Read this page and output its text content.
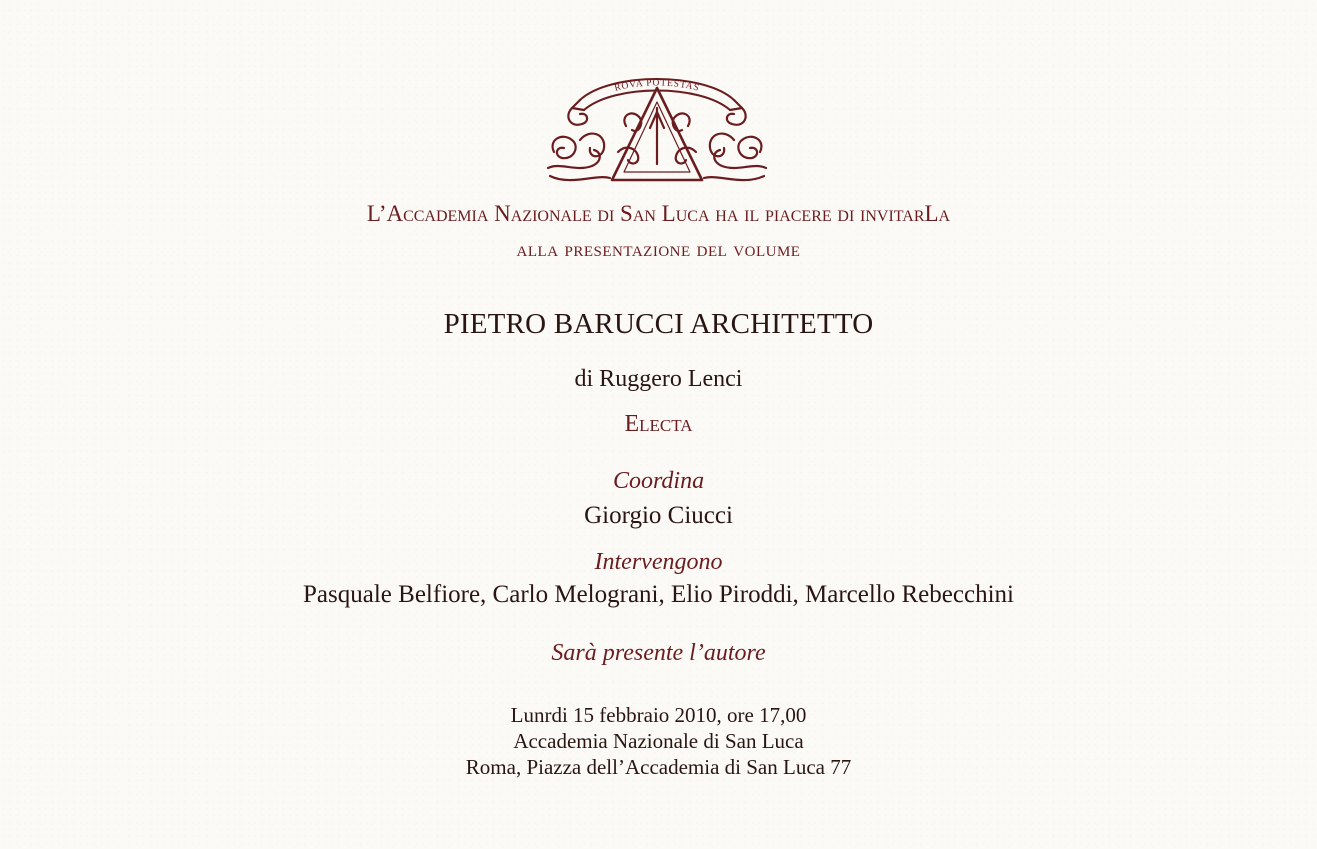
ROVA POTESTAS
L’Accademia Nazionale di San Luca ha il piacere di invitarLa
alla presentazione del volume
PIETRO BARUCCI ARCHITETTO
di Ruggero Lenci
Electa
Coordina
Giorgio Ciucci
Intervengono
Pasquale Belfiore, Carlo Melograni, Elio Piroddi, Marcello Rebecchini
Sarà presente l’autore
Lunrdi 15 febbraio 2010, ore 17,00
Accademia Nazionale di San Luca
Roma, Piazza dell’Accademia di San Luca 77
